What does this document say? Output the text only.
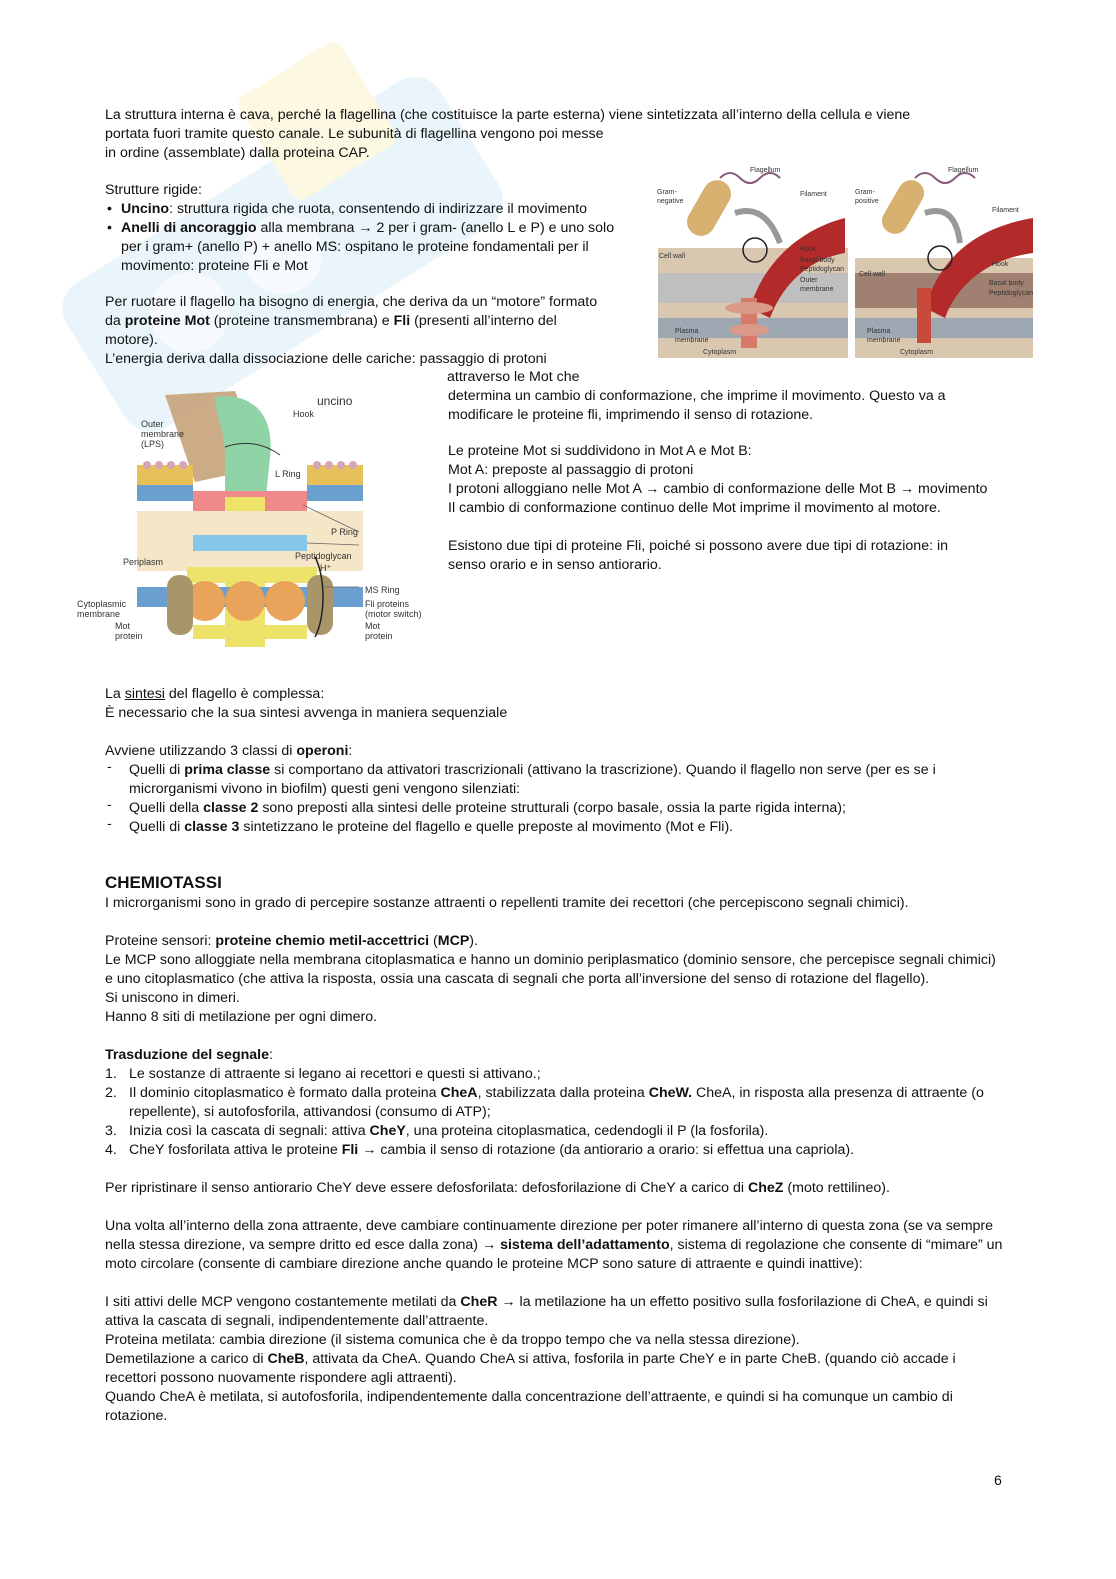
La struttura interna è cava, perché la flagellina (che costituisce la parte esterna) viene sintetizzata all’interno della cellula e viene

portata fuori tramite questo canale. Le subunità di flagellina vengono poi messe

in ordine (assemblate) dalla proteina CAP.

Strutture rigide:

• Uncino: struttura rigida che ruota, consentendo di indirizzare il movimento
• Anelli di ancoraggio alla membrana → 2 per i gram- (anello L e P) e uno solo per i gram+ (anello P) + anello MS: ospitano le proteine fondamentali per il movimento: proteine Fli e Mot

Per ruotare il flagello ha bisogno di energia, che deriva da un “motore” formato

da proteine Mot (proteine transmembrana) e Fli (presenti all’interno del

motore).

L’energia deriva dalla dissociazione delle cariche: passaggio di protoni

attraverso le Mot che

determina un cambio di conformazione, che imprime il movimento. Questo va a modificare le proteine fli, imprimendo il senso di rotazione.

Le proteine Mot si suddividono in Mot A e Mot B:

Mot A: preposte al passaggio di protoni

I protoni alloggiano nelle Mot A → cambio di conformazione delle Mot B → movimento

Il cambio di conformazione continuo delle Mot imprime il movimento al motore.

Esistono due tipi di proteine Fli, poiché si possono avere due tipi di rotazione: in senso orario e in senso antiorario.

Flagellum
Gram-
negative
Filament
Cell wall
Hook
Basal body
Peptidoglycan
Outer
membrane
Plasma
membrane
Cytoplasm
Flagellum
Gram-
positive
Filament
Cell wall
Hook
Basal body
Peptidoglycan
Plasma
membrane
Cytoplasm
uncino
Hook
Outer
membrane
(LPS)
L Ring
P Ring
Periplasm
Peptidoglycan
H⁺
MS Ring
Cytoplasmic
membrane
Fli proteins
(motor switch)
Mot
protein
Mot
protein

La sintesi del flagello è complessa:

È necessario che la sua sintesi avvenga in maniera sequenziale

Avviene utilizzando 3 classi di operoni:

- Quelli di prima classe si comportano da attivatori trascrizionali (attivano la trascrizione). Quando il flagello non serve (per es se i microrganismi vivono in biofilm) questi geni vengono silenziati:
- Quelli della classe 2 sono preposti alla sintesi delle proteine strutturali (corpo basale, ossia la parte rigida interna);
- Quelli di classe 3 sintetizzano le proteine del flagello e quelle preposte al movimento (Mot e Fli).

CHEMIOTASSI

I microrganismi sono in grado di percepire sostanze attraenti o repellenti tramite dei recettori (che percepiscono segnali chimici).

Proteine sensori: proteine chemio metil-accettrici (MCP).

Le MCP sono alloggiate nella membrana citoplasmatica e hanno un dominio periplasmatico (dominio sensore, che percepisce segnali chimici) e uno citoplasmatico (che attiva la risposta, ossia una cascata di segnali che porta all’inversione del senso di rotazione del flagello).

Si uniscono in dimeri.

Hanno 8 siti di metilazione per ogni dimero.

Trasduzione del segnale:

1. Le sostanze di attraente si legano ai recettori e questi si attivano.;
2. Il dominio citoplasmatico è formato dalla proteina CheA, stabilizzata dalla proteina CheW. CheA, in risposta alla presenza di attraente (o repellente), si autofosforila, attivandosi (consumo di ATP);
3. Inizia così la cascata di segnali: attiva CheY, una proteina citoplasmatica, cedendogli il P (la fosforila).
4. CheY fosforilata attiva le proteine Fli → cambia il senso di rotazione (da antiorario a orario: si effettua una capriola).

Per ripristinare il senso antiorario CheY deve essere defosforilata: defosforilazione di CheY a carico di CheZ (moto rettilineo).

Una volta all’interno della zona attraente, deve cambiare continuamente direzione per poter rimanere all’interno di questa zona (se va sempre nella stessa direzione, va sempre dritto ed esce dalla zona) → sistema dell’adattamento, sistema di regolazione che consente di “mimare” un moto circolare (consente di cambiare direzione anche quando le proteine MCP sono sature di attraente e quindi inattive):

I siti attivi delle MCP vengono costantemente metilati da CheR → la metilazione ha un effetto positivo sulla fosforilazione di CheA, e quindi si attiva la cascata di segnali, indipendentemente dall’attraente.

Proteina metilata: cambia direzione (il sistema comunica che è da troppo tempo che va nella stessa direzione).

Demetilazione a carico di CheB, attivata da CheA. Quando CheA si attiva, fosforila in parte CheY e in parte CheB. (quando ciò accade i recettori possono nuovamente rispondere agli attraenti).

Quando CheA è metilata, si autofosforila, indipendentemente dalla concentrazione dell’attraente, e quindi si ha comunque un cambio di rotazione.

6
